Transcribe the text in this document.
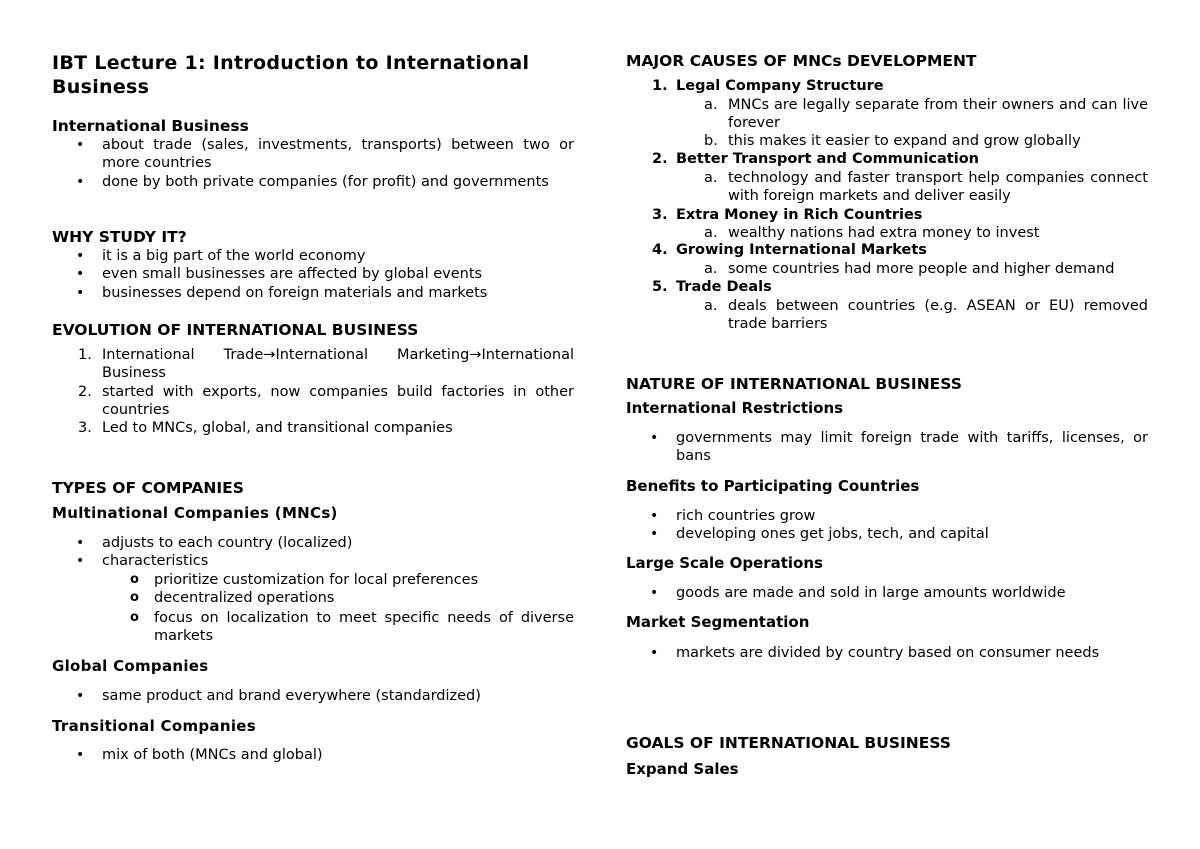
IBT Lecture 1: Introduction to International Business
International Business
• about trade (sales, investments, transports) between two or more countries
• done by both private companies (for profit) and governments
WHY STUDY IT?
• it is a big part of the world economy
• even small businesses are affected by global events
• businesses depend on foreign materials and markets
EVOLUTION OF INTERNATIONAL BUSINESS
1. International Trade→International Marketing→International Business
2. started with exports, now companies build factories in other countries
3. Led to MNCs, global, and transitional companies
TYPES OF COMPANIES
Multinational Companies (MNCs)
• adjusts to each country (localized)
• characteristics
o prioritize customization for local preferences
o decentralized operations
o focus on localization to meet specific needs of diverse markets
Global Companies
• same product and brand everywhere (standardized)
Transitional Companies
• mix of both (MNCs and global)
MAJOR CAUSES OF MNCs DEVELOPMENT
1. Legal Company Structure
a. MNCs are legally separate from their owners and can live forever
b. this makes it easier to expand and grow globally
2. Better Transport and Communication
a. technology and faster transport help companies connect with foreign markets and deliver easily
3. Extra Money in Rich Countries
a. wealthy nations had extra money to invest
4. Growing International Markets
a. some countries had more people and higher demand
5. Trade Deals
a. deals between countries (e.g. ASEAN or EU) removed trade barriers
NATURE OF INTERNATIONAL BUSINESS
International Restrictions
• governments may limit foreign trade with tariffs, licenses, or bans
Benefits to Participating Countries
• rich countries grow
• developing ones get jobs, tech, and capital
Large Scale Operations
• goods are made and sold in large amounts worldwide
Market Segmentation
• markets are divided by country based on consumer needs
GOALS OF INTERNATIONAL BUSINESS
Expand Sales
